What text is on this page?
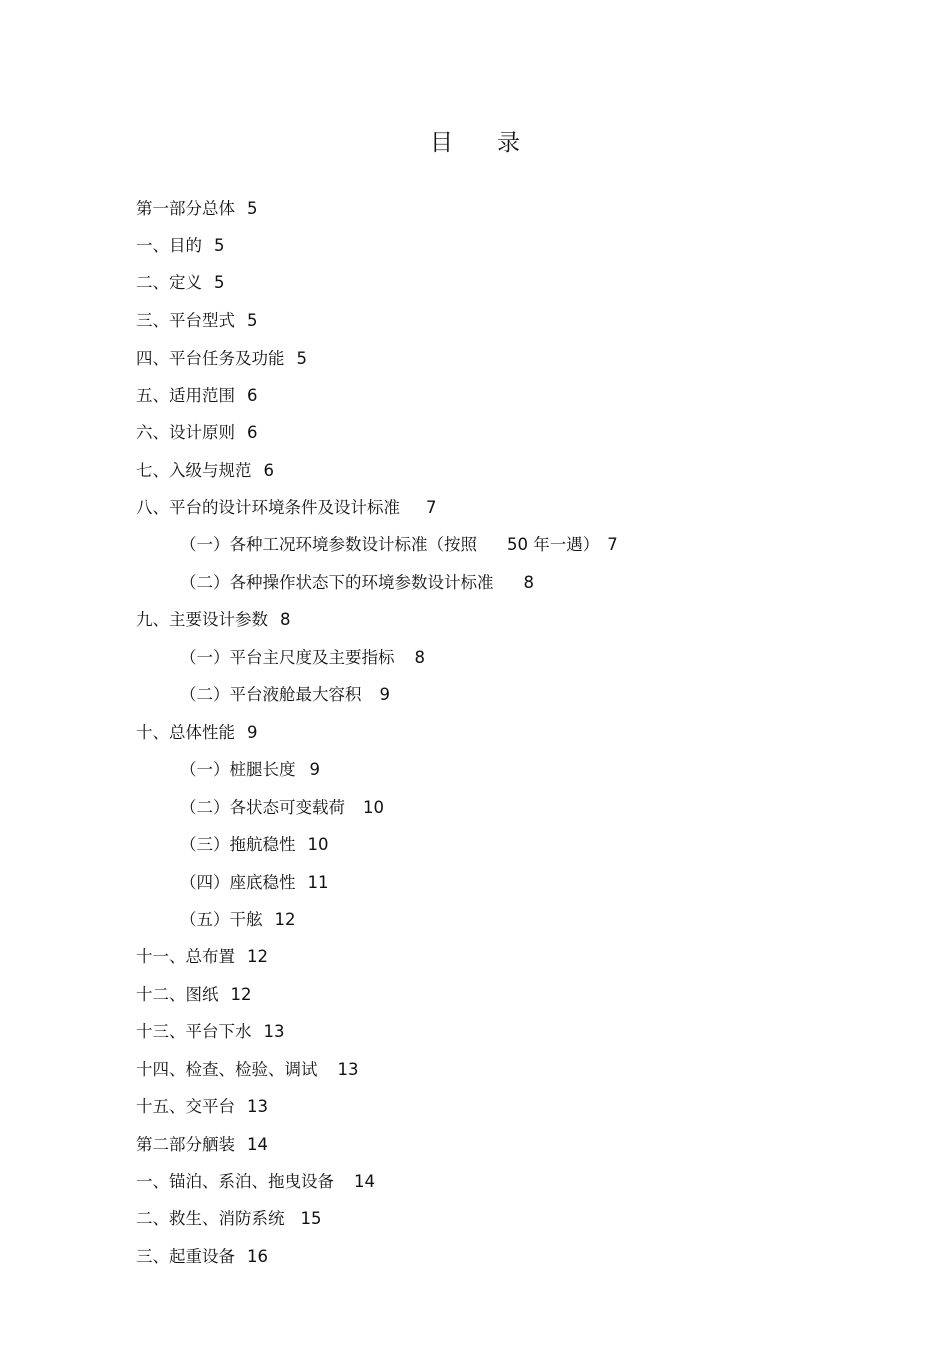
目 录
第一部分总体 5
一、目的 5
二、定义 5
三、平台型式 5
四、平台任务及功能 5
五、适用范围 6
六、设计原则 6
七、入级与规范 6
八、平台的设计环境条件及设计标准 7
（一）各种工况环境参数设计标准（按照 50 年一遇） 7
（二）各种操作状态下的环境参数设计标准 8
九、主要设计参数 8
（一）平台主尺度及主要指标 8
（二）平台液舱最大容积 9
十、总体性能 9
（一）桩腿长度 9
（二）各状态可变载荷 10
（三）拖航稳性 10
（四）座底稳性 11
（五）干舷 12
十一、总布置 12
十二、图纸 12
十三、平台下水 13
十四、检查、检验、调试 13
十五、交平台 13
第二部分舾装 14
一、锚泊、系泊、拖曳设备 14
二、救生、消防系统 15
三、起重设备 16
